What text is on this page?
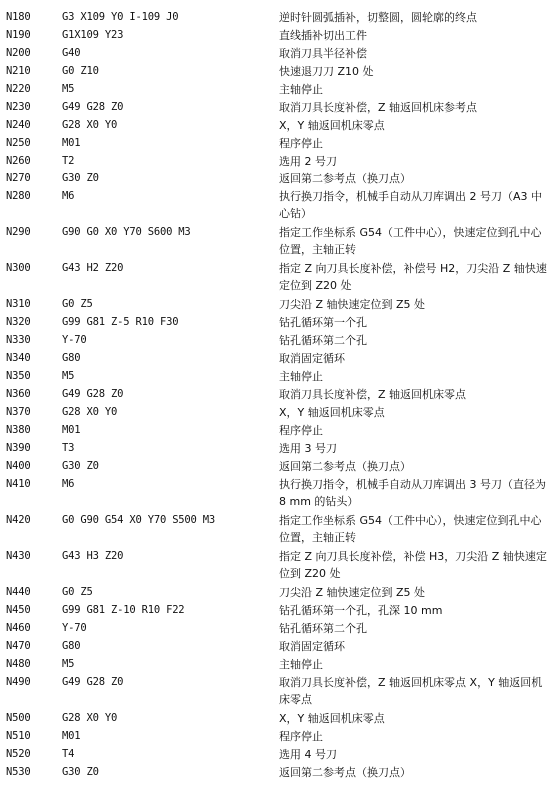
N180	G3 X109 Y0 I-109 J0	逆时针圆弧插补，切整圆，圆轮廓的终点
N190	G1X109 Y23	直线插补切出工件
N200	G40	取消刀具半径补偿
N210	G0 Z10	快速退刀刀 Z10 处
N220	M5	主轴停止
N230	G49 G28 Z0	取消刀具长度补偿，Z 轴返回机床参考点
N240	G28 X0 Y0	X，Y 轴返回机床零点
N250	M01	程序停止
N260	T2	选用 2 号刀
N270	G30 Z0	返回第二参考点（换刀点）
N280	M6	执行换刀指令，机械手自动从刀库调出 2 号刀（A3 中心钻）
N290	G90 G0 X0 Y70 S600 M3	指定工作坐标系 G54（工件中心），快速定位到孔中心位置，主轴正转
N300	G43 H2 Z20	指定 Z 向刀具长度补偿，补偿号 H2，刀尖沿 Z 轴快速定位到 Z20 处
N310	G0 Z5	刀尖沿 Z 轴快速定位到 Z5 处
N320	G99 G81 Z-5 R10 F30	钻孔循环第一个孔
N330	Y-70	钻孔循环第二个孔
N340	G80	取消固定循环
N350	M5	主轴停止
N360	G49 G28 Z0	取消刀具长度补偿，Z 轴返回机床零点
N370	G28 X0 Y0	X，Y 轴返回机床零点
N380	M01	程序停止
N390	T3	选用 3 号刀
N400	G30 Z0	返回第二参考点（换刀点）
N410	M6	执行换刀指令，机械手自动从刀库调出 3 号刀（直径为 8 mm 的钻头）
N420	G0 G90 G54 X0 Y70 S500 M3	指定工作坐标系 G54（工件中心），快速定位到孔中心位置，主轴正转
N430	G43 H3 Z20	指定 Z 向刀具长度补偿，补偿 H3，刀尖沿 Z 轴快速定位到 Z20 处
N440	G0 Z5	刀尖沿 Z 轴快速定位到 Z5 处
N450	G99 G81 Z-10 R10 F22	钻孔循环第一个孔，孔深 10 mm
N460	Y-70	钻孔循环第二个孔
N470	G80	取消固定循环
N480	M5	主轴停止
N490	G49 G28 Z0	取消刀具长度补偿，Z 轴返回机床零点 X，Y 轴返回机床零点
N500	G28 X0 Y0	X，Y 轴返回机床零点
N510	M01	程序停止
N520	T4	选用 4 号刀
N530	G30 Z0	返回第二参考点（换刀点）
